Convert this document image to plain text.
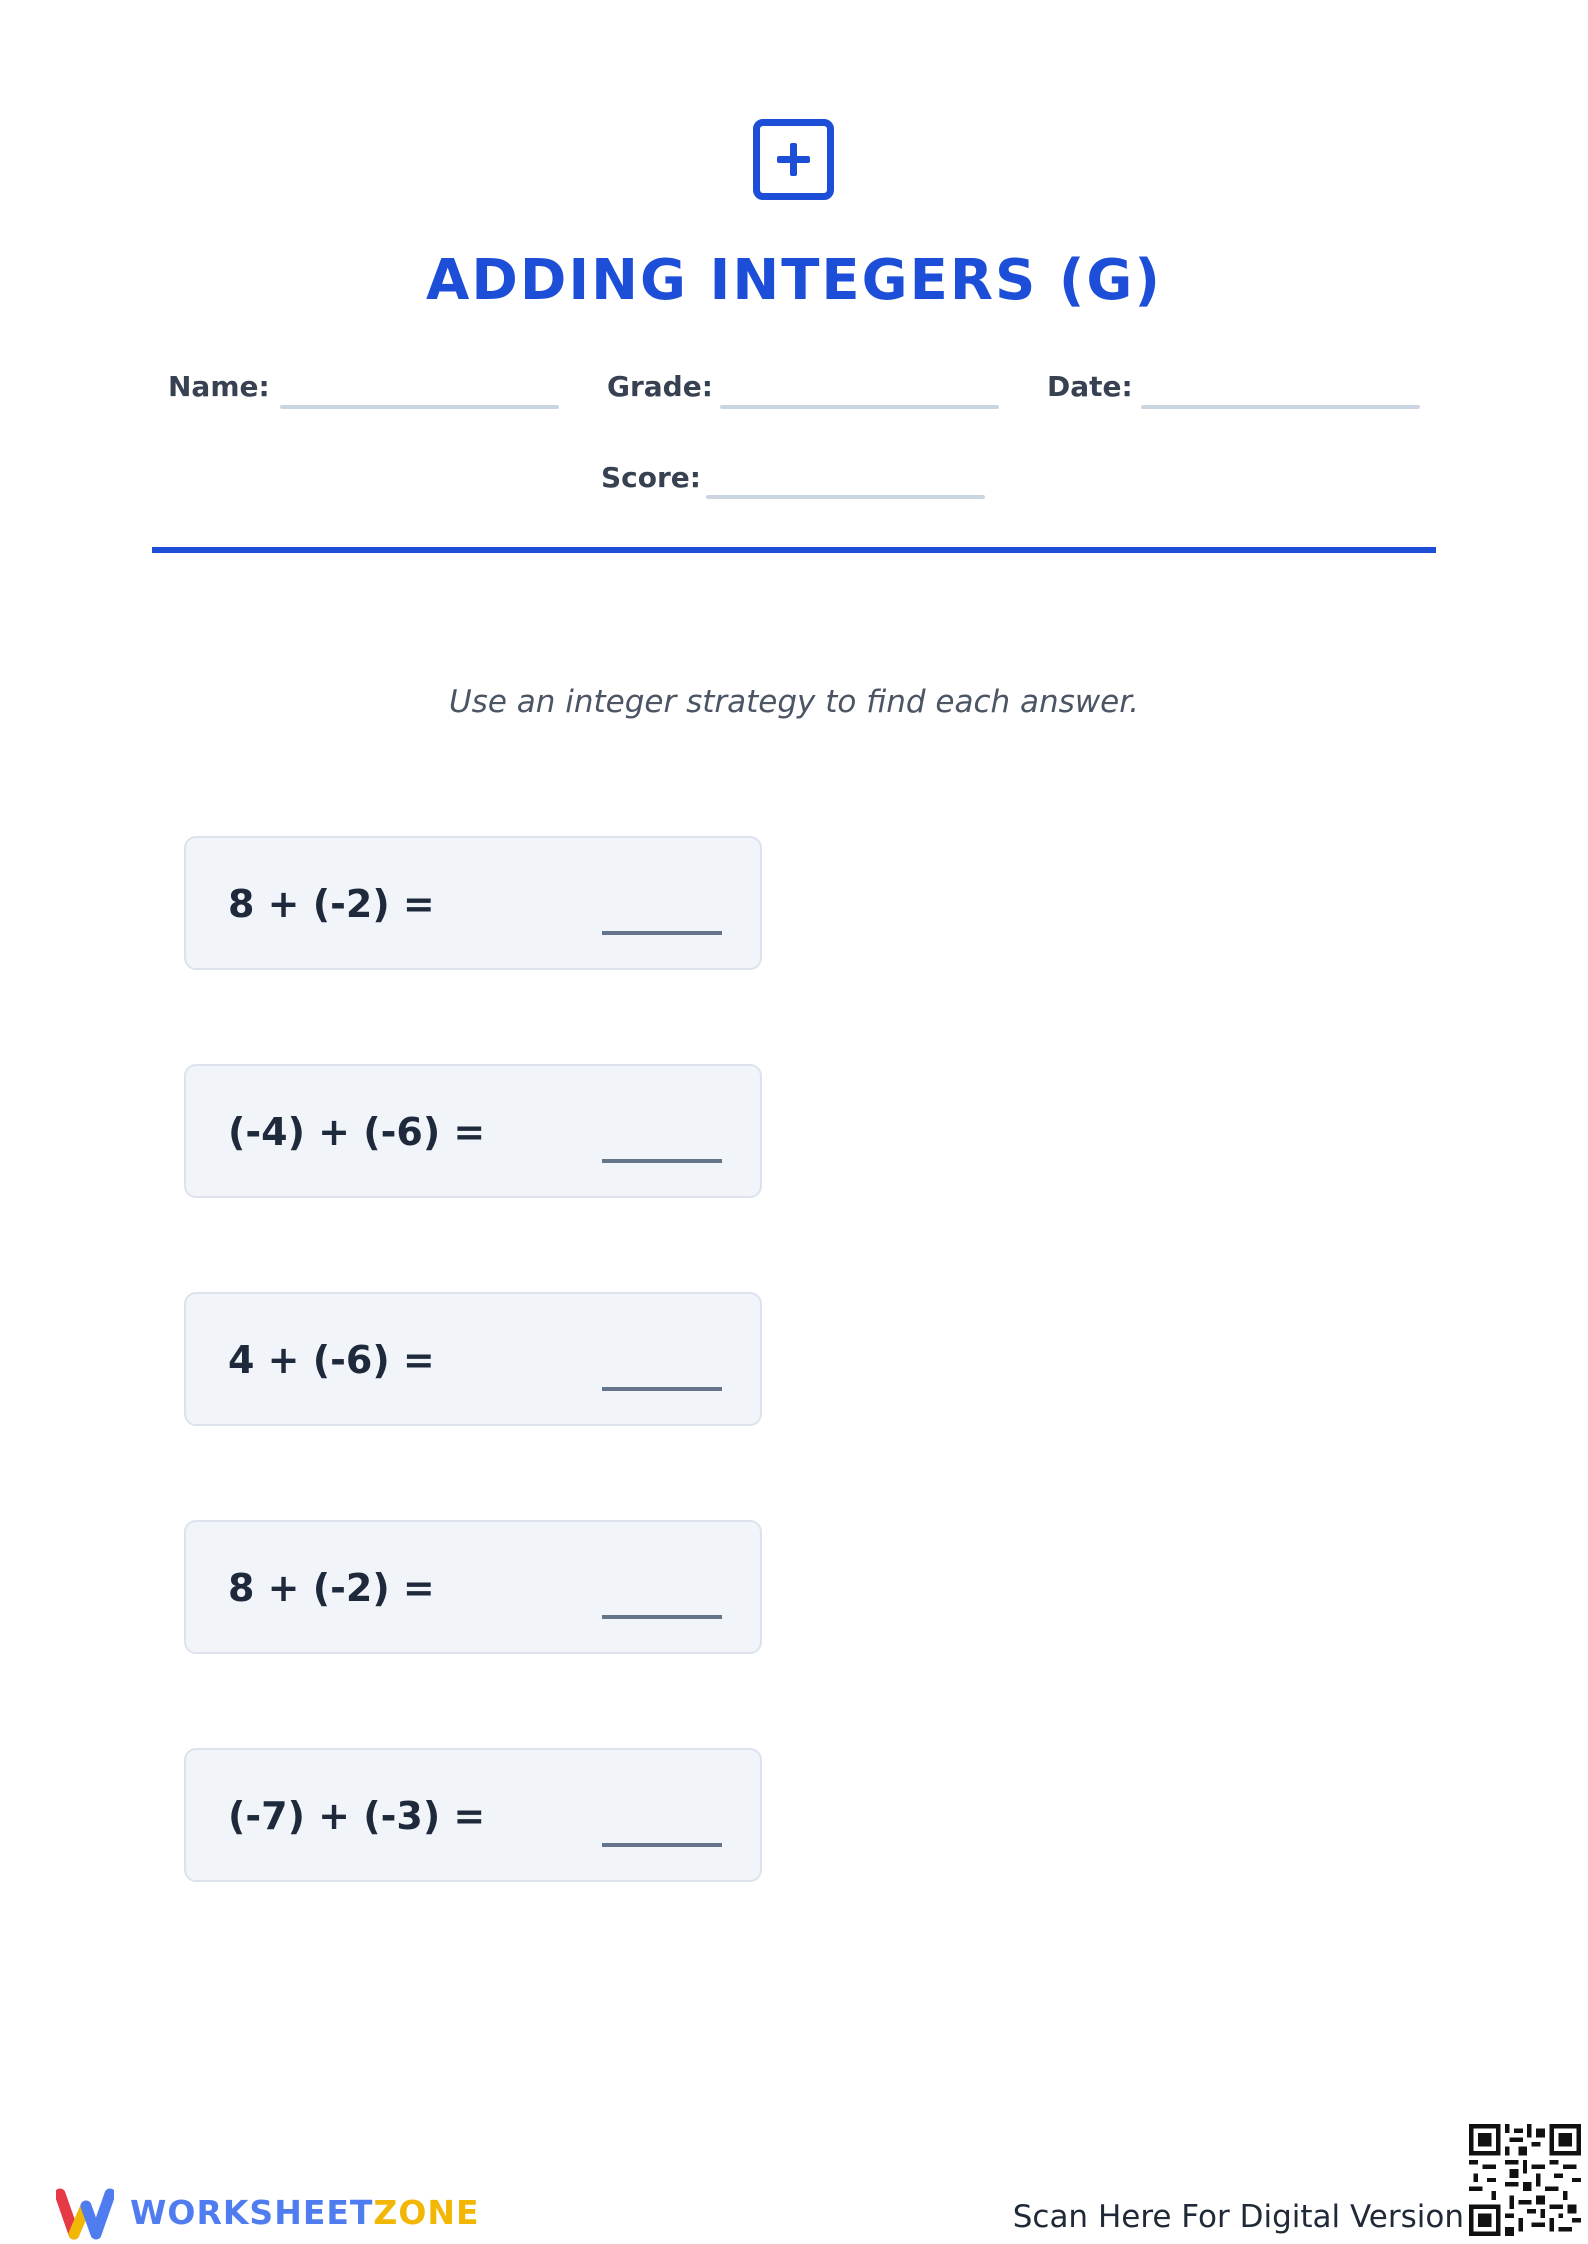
ADDING INTEGERS (G)
Name:	Grade:	Date:
Score:

Use an integer strategy to find each answer.

8 + (-2) =
(-4) + (-6) =
4 + (-6) =
8 + (-2) =
(-7) + (-3) =
WORKSHEETZONE	Scan Here For Digital Version
